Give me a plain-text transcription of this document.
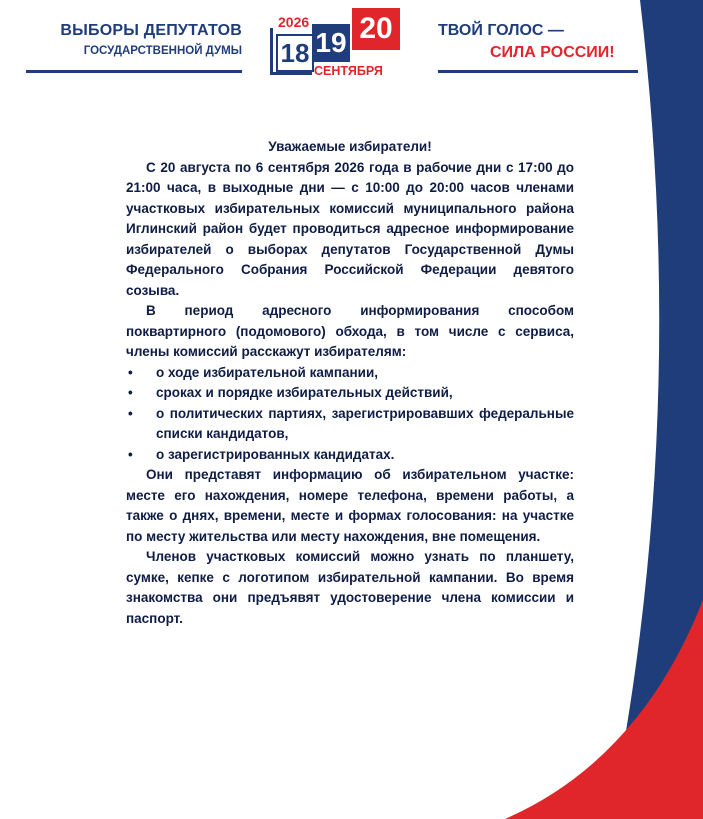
ВЫБОРЫ ДЕПУТАТОВ
ГОСУДАРСТВЕННОЙ ДУМЫ
2026
18 19 20
СЕНТЯБРЯ
ТВОЙ ГОЛОС —
СИЛА РОССИИ!
Уважаемые избиратели!

С 20 августа по 6 сентября 2026 года в рабочие дни с 17:00 до 21:00 часа, в выходные дни — с 10:00 до 20:00 часов членами участковых избирательных комиссий муниципального района Иглинский район будет проводиться адресное информирование избирателей о выборах депутатов Государственной Думы Федерального Собрания Российской Федерации девятого созыва.

В период адресного информирования способом поквартирного (подомового) обхода, в том числе с сервиса, члены комиссий расскажут избирателям:

• о ходе избирательной кампании,
• сроках и порядке избирательных действий,
• о политических партиях, зарегистрировавших федеральные списки кандидатов,
• о зарегистрированных кандидатах.

Они представят информацию об избирательном участке: месте его нахождения, номере телефона, времени работы, а также о днях, времени, месте и формах голосования: на участке по месту жительства или месту нахождения, вне помещения.

Членов участковых комиссий можно узнать по планшету, сумке, кепке с логотипом избирательной кампании. Во время знакомства они предъявят удостоверение члена комиссии и паспорт.
